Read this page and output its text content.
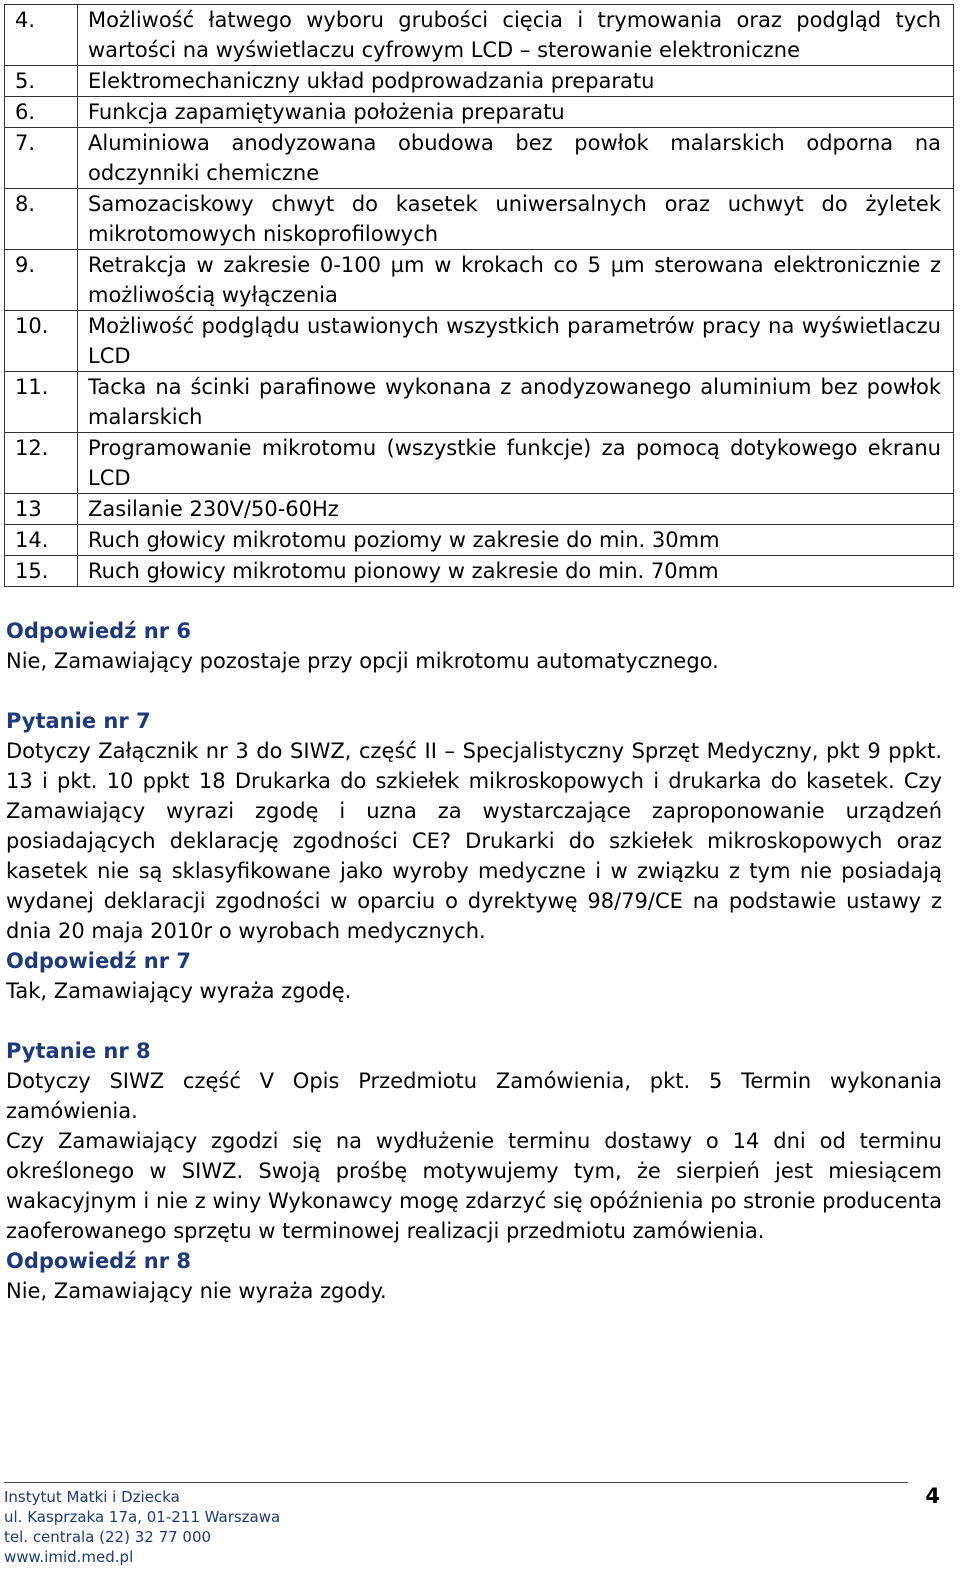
4.	Możliwość łatwego wyboru grubości cięcia i trymowania oraz podgląd tych wartości na wyświetlaczu cyfrowym LCD – sterowanie elektroniczne
5.	Elektromechaniczny układ podprowadzania preparatu
6.	Funkcja zapamiętywania położenia preparatu
7.	Aluminiowa anodyzowana obudowa bez powłok malarskich odporna na odczynniki chemiczne
8.	Samozaciskowy chwyt do kasetek uniwersalnych oraz uchwyt do żyletek mikrotomowych niskoprofilowych
9.	Retrakcja w zakresie 0-100 µm w krokach co 5 µm sterowana elektronicznie z możliwością wyłączenia
10.	Możliwość podglądu ustawionych wszystkich parametrów pracy na wyświetlaczu LCD
11.	Tacka na ścinki parafinowe wykonana z anodyzowanego aluminium bez powłok malarskich
12.	Programowanie mikrotomu (wszystkie funkcje) za pomocą dotykowego ekranu LCD
13	Zasilanie 230V/50-60Hz
14.	Ruch głowicy mikrotomu poziomy w zakresie do min. 30mm
15.	Ruch głowicy mikrotomu pionowy w zakresie do min. 70mm

Odpowiedź nr 6

Nie, Zamawiający pozostaje przy opcji mikrotomu automatycznego.

Pytanie nr 7

Dotyczy Załącznik nr 3 do SIWZ, część II – Specjalistyczny Sprzęt Medyczny, pkt 9 ppkt. 13 i pkt. 10 ppkt 18 Drukarka do szkiełek mikroskopowych i drukarka do kasetek. Czy Zamawiający wyrazi zgodę i uzna za wystarczające zaproponowanie urządzeń posiadających deklarację zgodności CE? Drukarki do szkiełek mikroskopowych oraz kasetek nie są sklasyfikowane jako wyroby medyczne i w związku z tym nie posiadają wydanej deklaracji zgodności w oparciu o dyrektywę 98/79/CE na podstawie ustawy z dnia 20 maja 2010r o wyrobach medycznych.

Odpowiedź nr 7

Tak, Zamawiający wyraża zgodę.

Pytanie nr 8

Dotyczy SIWZ część V Opis Przedmiotu Zamówienia, pkt. 5 Termin wykonania zamówienia.

Czy Zamawiający zgodzi się na wydłużenie terminu dostawy o 14 dni od terminu określonego w SIWZ. Swoją prośbę motywujemy tym, że sierpień jest miesiącem wakacyjnym i nie z winy Wykonawcy mogę zdarzyć się opóźnienia po stronie producenta zaoferowanego sprzętu w terminowej realizacji przedmiotu zamówienia.

Odpowiedź nr 8

Nie, Zamawiający nie wyraża zgody.

Instytut Matki i Dziecka
ul. Kasprzaka 17a, 01-211 Warszawa
tel. centrala (22) 32 77 000
www.imid.med.pl
4
